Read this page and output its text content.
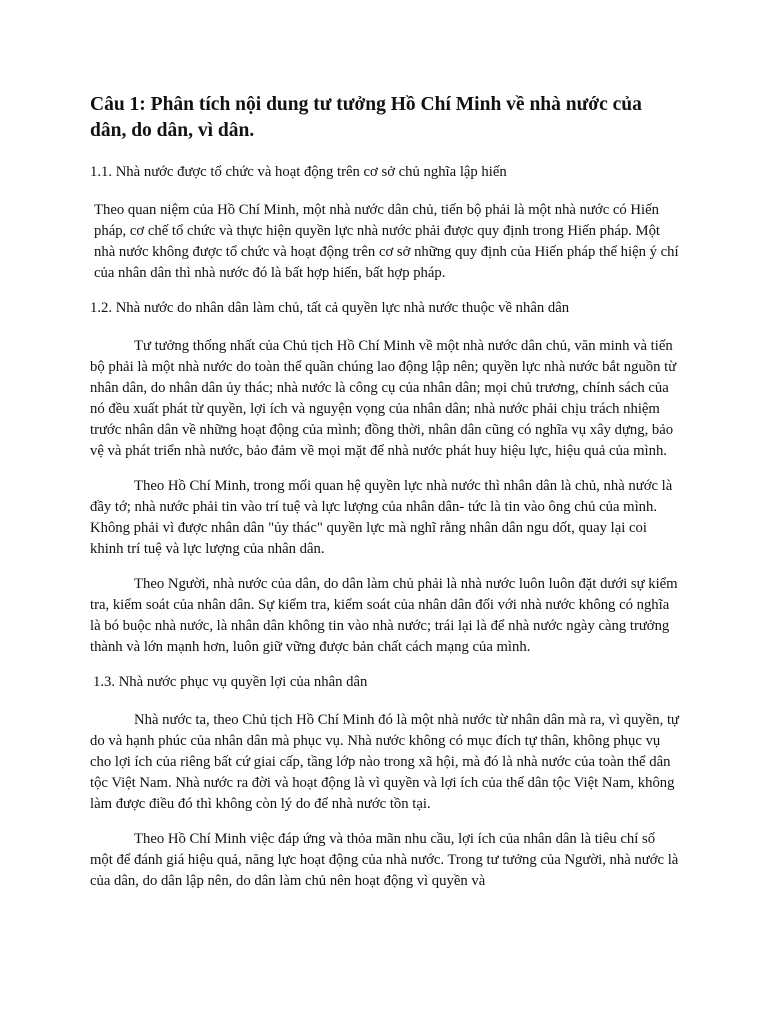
Câu 1: Phân tích nội dung tư tưởng Hồ Chí Minh về nhà nước của dân, do dân, vì dân.
1.1. Nhà nước được tổ chức và hoạt động trên cơ sở chủ nghĩa lập hiến

Theo quan niệm của Hồ Chí Minh, một nhà nước dân chủ, tiến bộ phải là một nhà nước có Hiến pháp, cơ chế tổ chức và thực hiện quyền lực nhà nước phải được quy định trong Hiến pháp. Một nhà nước không được tổ chức và hoạt động trên cơ sở những quy định của Hiến pháp thể hiện ý chí của nhân dân thì nhà nước đó là bất hợp hiến, bất hợp pháp.

1.2. Nhà nước do nhân dân làm chủ, tất cả quyền lực nhà nước thuộc về nhân dân

Tư tưởng thống nhất của Chủ tịch Hồ Chí Minh về một nhà nước dân chủ, văn minh và tiến bộ phải là một nhà nước do toàn thể quần chúng lao động lập nên; quyền lực nhà nước bắt nguồn từ nhân dân, do nhân dân ủy thác; nhà nước là công cụ của nhân dân; mọi chủ trương, chính sách của nó đều xuất phát từ quyền, lợi ích và nguyện vọng của nhân dân; nhà nước phải chịu trách nhiệm trước nhân dân về những hoạt động của mình; đồng thời, nhân dân cũng có nghĩa vụ xây dựng, bảo vệ và phát triển nhà nước, bảo đảm về mọi mặt để nhà nước phát huy hiệu lực, hiệu quả của mình.

Theo Hồ Chí Minh, trong mối quan hệ quyền lực nhà nước thì nhân dân là chủ, nhà nước là đầy tớ; nhà nước phải tin vào trí tuệ và lực lượng của nhân dân- tức là tin vào ông chủ của mình. Không phải vì được nhân dân "ủy thác" quyền lực mà nghĩ rằng nhân dân ngu dốt, quay lại coi khinh trí tuệ và lực lượng của nhân dân.

Theo Người, nhà nước của dân, do dân làm chủ phải là nhà nước luôn luôn đặt dưới sự kiểm tra, kiểm soát của nhân dân. Sự kiểm tra, kiểm soát của nhân dân đối với nhà nước không có nghĩa là bó buộc nhà nước, là nhân dân không tin vào nhà nước; trái lại là để nhà nước ngày càng trưởng thành và lớn mạnh hơn, luôn giữ vững được bản chất cách mạng của mình.

1.3. Nhà nước phục vụ quyền lợi của nhân dân

Nhà nước ta, theo Chủ tịch Hồ Chí Minh đó là một nhà nước từ nhân dân mà ra, vì quyền, tự do và hạnh phúc của nhân dân mà phục vụ. Nhà nước không có mục đích tự thân, không phục vụ cho lợi ích của riêng bất cứ giai cấp, tầng lớp nào trong xã hội, mà đó là nhà nước của toàn thể dân tộc Việt Nam. Nhà nước ra đời và hoạt động là vì quyền và lợi ích của thể dân tộc Việt Nam, không làm được điều đó thì không còn lý do để nhà nước tồn tại.

Theo Hồ Chí Minh việc đáp ứng và thỏa mãn nhu cầu, lợi ích của nhân dân là tiêu chí số một để đánh giá hiệu quả, năng lực hoạt động của nhà nước. Trong tư tưởng của Người, nhà nước là của dân, do dân lập nên, do dân làm chủ nên hoạt động vì quyền và
